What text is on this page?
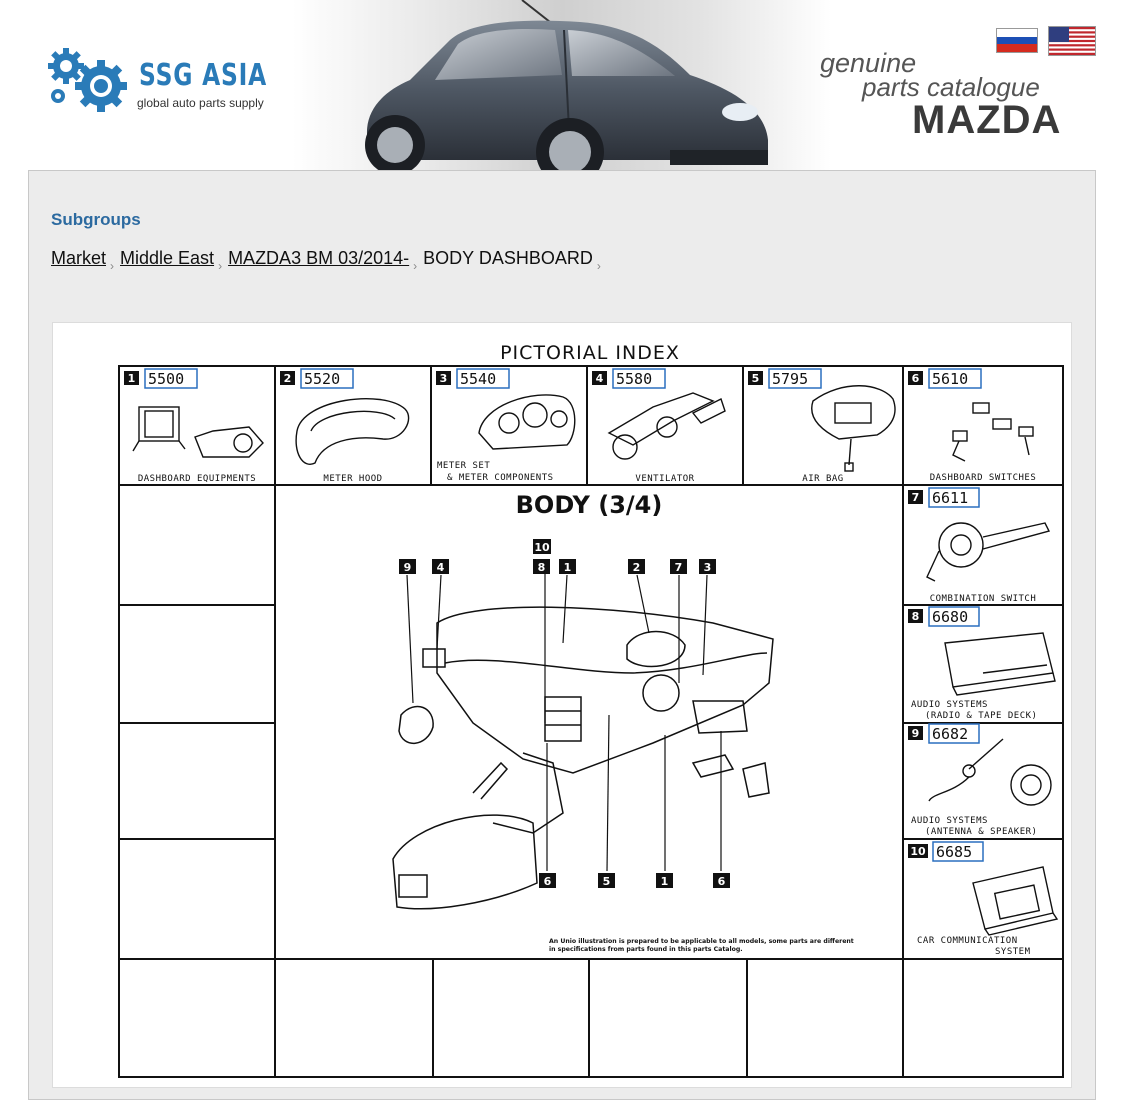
SSG ASIA
global auto parts supply
genuine
parts catalogue
MAZDA
Subgroups
Market $_›$ Middle East $_›$ MAZDA3 BM 03/2014- $_›$ BODY DASHBOARD $_›$
PICTORIAL INDEX
1 5500
DASHBOARD EQUIPMENTS
2 5520
METER HOOD
3 5540
METER SET
& METER COMPONENTS
4 5580
VENTILATOR
5 5795
AIR BAG
6 5610
DASHBOARD SWITCHES
7 6611
COMBINATION SWITCH
8 6680
AUDIO SYSTEMS
(RADIO & TAPE DECK)
9 6682
AUDIO SYSTEMS
(ANTENNA & SPEAKER)
10 6685
CAR COMMUNICATION
SYSTEM
BODY (3/4)
10
9 4	8 1	2	7 3
6	5	1	6
An Unio illustration is prepared to be applicable to all models, some parts are different
in specifications from parts found in this parts Catalog.
